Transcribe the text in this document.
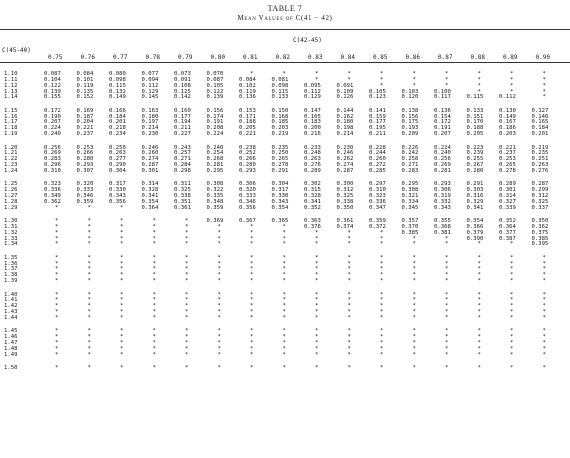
TABLE 7
Mean Values of C(41 − 42)
C(42-45)
C(45-40)
0.75	0.76	0.77	0.78	0.79	0.80	0.81	0.82	0.83	0.84	0.85	0.86	0.87	0.88	0.89	0.90
1.10	0.087	0.084	0.080	0.077	0.073	0.070	*	*	*	*	*	*	*	*	*	*
1.11	0.104	0.101	0.098	0.094	0.091	0.087	0.084	0.081	*	*	*	*	*	*	*	*
1.12	0.122	0.119	0.115	0.112	0.108	0.105	0.102	0.098	0.095	0.091	*	*	*	*	*	*
1.13	0.139	0.135	0.132	0.129	0.125	0.122	0.119	0.115	0.112	0.109	0.105	0.103	0.100	*	*	*
1.14	0.155	0.152	0.149	0.145	0.142	0.139	0.136	0.133	0.129	0.126	0.123	0.120	0.117	0.115	0.112	*
1.15	0.172	0.169	0.166	0.163	0.160	0.156	0.153	0.150	0.147	0.144	0.141	0.138	0.136	0.133	0.130	0.127
1.16	0.190	0.187	0.184	0.180	0.177	0.174	0.171	0.168	0.165	0.162	0.159	0.156	0.154	0.151	0.149	0.146
1.17	0.207	0.204	0.201	0.197	0.194	0.191	0.188	0.185	0.183	0.180	0.177	0.175	0.172	0.170	0.167	0.165
1.18	0.224	0.221	0.218	0.214	0.211	0.208	0.205	0.203	0.200	0.198	0.195	0.193	0.191	0.188	0.186	0.184
1.19	0.240	0.237	0.234	0.230	0.227	0.224	0.221	0.219	0.216	0.214	0.211	0.209	0.207	0.205	0.203	0.201
1.20	0.256	0.253	0.250	0.246	0.243	0.240	0.238	0.235	0.233	0.230	0.228	0.226	0.224	0.223	0.221	0.219
1.21	0.269	0.266	0.263	0.260	0.257	0.254	0.252	0.250	0.248	0.246	0.244	0.242	0.240	0.239	0.237	0.235
1.22	0.283	0.280	0.277	0.274	0.271	0.268	0.266	0.265	0.263	0.262	0.260	0.258	0.256	0.255	0.253	0.251
1.23	0.296	0.293	0.290	0.287	0.284	0.281	0.280	0.278	0.276	0.274	0.272	0.271	0.269	0.267	0.265	0.263
1.24	0.310	0.307	0.304	0.301	0.298	0.295	0.293	0.291	0.289	0.287	0.285	0.283	0.281	0.280	0.278	0.276
1.25	0.323	0.320	0.317	0.314	0.311	0.308	0.306	0.304	0.302	0.300	0.297	0.295	0.293	0.291	0.289	0.287
1.26	0.336	0.333	0.330	0.328	0.325	0.322	0.320	0.317	0.315	0.312	0.310	0.308	0.306	0.303	0.301	0.299
1.27	0.349	0.346	0.343	0.341	0.338	0.335	0.333	0.330	0.328	0.325	0.323	0.321	0.319	0.316	0.314	0.312
1.28	0.362	0.359	0.356	0.354	0.351	0.348	0.346	0.343	0.341	0.338	0.336	0.334	0.332	0.329	0.327	0.325
1.29	*	*	*	0.364	0.361	0.359	0.356	0.354	0.352	0.350	0.347	0.345	0.343	0.341	0.339	0.337
1.30	*	*	*	*	*	0.369	0.367	0.365	0.363	0.361	0.359	0.357	0.355	0.354	0.352	0.350
1.31	*	*	*	*	*	*	*	*	0.376	0.374	0.372	0.370	0.368	0.366	0.364	0.362
1.32	*	*	*	*	*	*	*	*	*	*	*	0.385	0.381	0.379	0.377	0.375
1.33	*	*	*	*	*	*	*	*	*	*	*	*	*	0.390	0.387	0.385
1.34	*	*	*	*	*	*	*	*	*	*	*	*	*	*	*	0.395
1.35	*	*	*	*	*	*	*	*	*	*	*	*	*	*	*	*
1.36	*	*	*	*	*	*	*	*	*	*	*	*	*	*	*	*
1.37	*	*	*	*	*	*	*	*	*	*	*	*	*	*	*	*
1.38	*	*	*	*	*	*	*	*	*	*	*	*	*	*	*	*
1.39	*	*	*	*	*	*	*	*	*	*	*	*	*	*	*	*
1.40	*	*	*	*	*	*	*	*	*	*	*	*	*	*	*	*
1.41	*	*	*	*	*	*	*	*	*	*	*	*	*	*	*	*
1.42	*	*	*	*	*	*	*	*	*	*	*	*	*	*	*	*
1.43	*	*	*	*	*	*	*	*	*	*	*	*	*	*	*	*
1.44	*	*	*	*	*	*	*	*	*	*	*	*	*	*	*	*
1.45	*	*	*	*	*	*	*	*	*	*	*	*	*	*	*	*
1.46	*	*	*	*	*	*	*	*	*	*	*	*	*	*	*	*
1.47	*	*	*	*	*	*	*	*	*	*	*	*	*	*	*	*
1.48	*	*	*	*	*	*	*	*	*	*	*	*	*	*	*	*
1.49	*	*	*	*	*	*	*	*	*	*	*	*	*	*	*	*
1.50	*	*	*	*	*	*	*	*	*	*	*	*	*	*	*	*
